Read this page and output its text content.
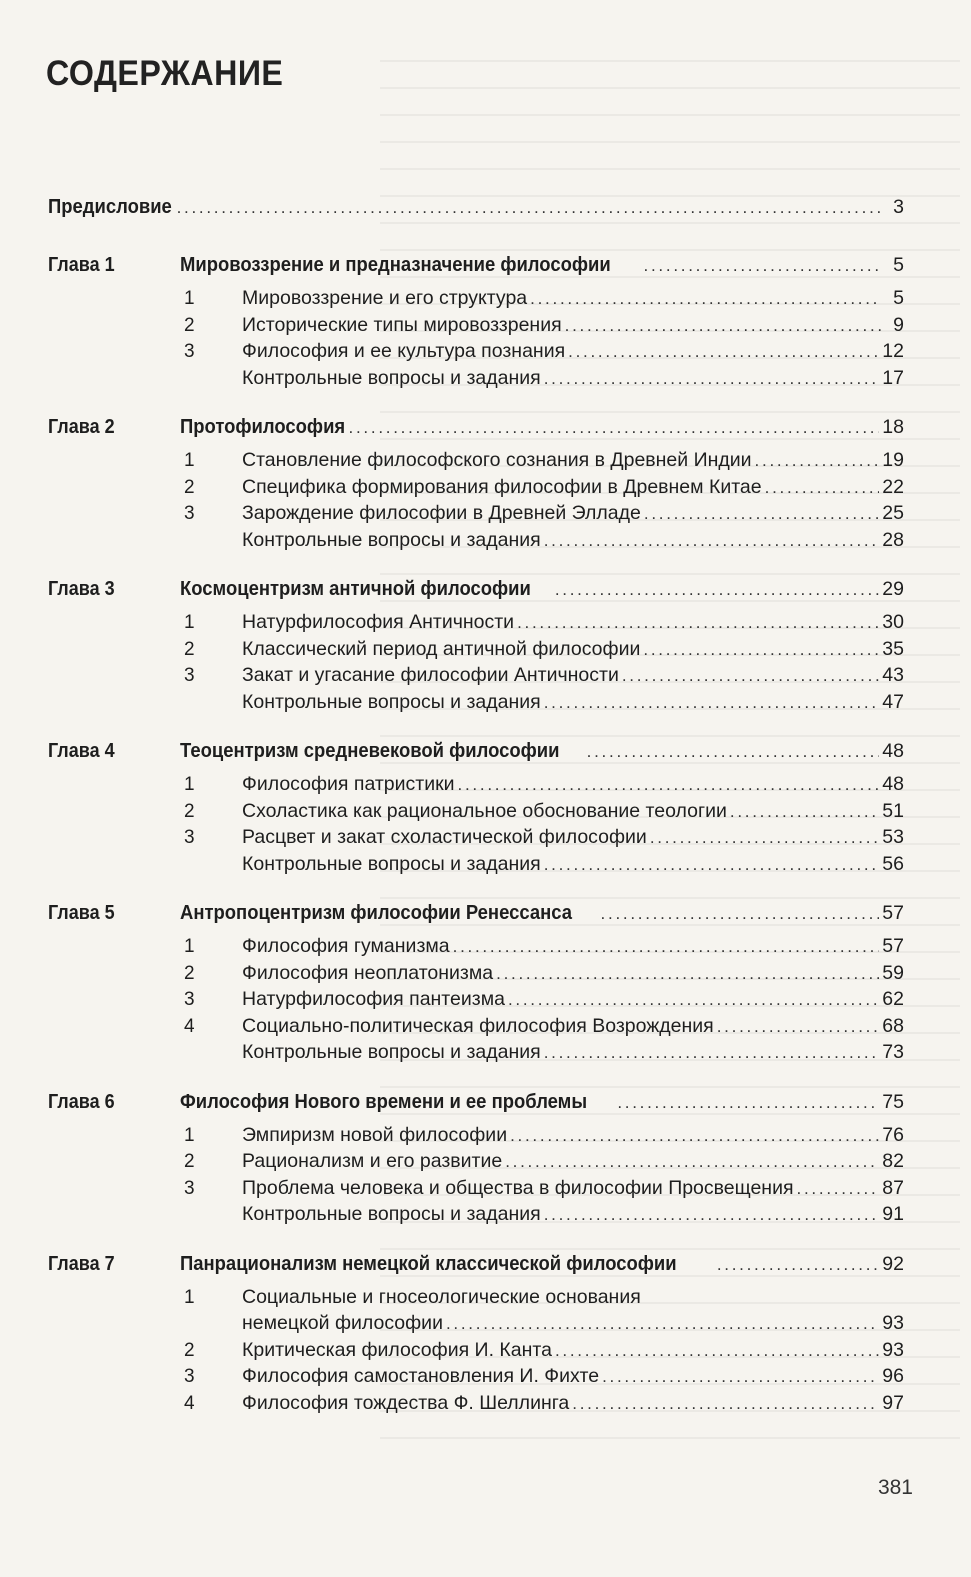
СОДЕРЖАНИЕ
Предисловие . . .	3
Глава 1	Мировоззрение и предназначение философии . . .	5
1	Мировоззрение и его структура . . .	5
2	Исторические типы мировоззрения . . .	9
3	Философия и ее культура познания . . .	12
Контрольные вопросы и задания . . .	17
Глава 2	Протофилософия . . .	18
1	Становление философского сознания в Древней Индии . . .	19
2	Специфика формирования философии в Древнем Китае . . .	22
3	Зарождение философии в Древней Элладе . . .	25
Контрольные вопросы и задания . . .	28
Глава 3	Космоцентризм античной философии . . .	29
1	Натурфилософия Античности . . .	30
2	Классический период античной философии . . .	35
3	Закат и угасание философии Античности . . .	43
Контрольные вопросы и задания . . .	47
Глава 4	Теоцентризм средневековой философии . . .	48
1	Философия патристики . . .	48
2	Схоластика как рациональное обоснование теологии . . .	51
3	Расцвет и закат схоластической философии . . .	53
Контрольные вопросы и задания . . .	56
Глава 5	Антропоцентризм философии Ренессанса . . .	57
1	Философия гуманизма . . .	57
2	Философия неоплатонизма . . .	59
3	Натурфилософия пантеизма . . .	62
4	Социально-политическая философия Возрождения . . .	68
Контрольные вопросы и задания . . .	73
Глава 6	Философия Нового времени и ее проблемы . . .	75
1	Эмпиризм новой философии . . .	76
2	Рационализм и его развитие . . .	82
3	Проблема человека и общества в философии Просвещения . . .	87
Контрольные вопросы и задания . . .	91
Глава 7	Панрационализм немецкой классической философии . . .	92
1	Социальные и гносеологические основания
немецкой философии . . .	93
2	Критическая философия И. Канта . . .	93
3	Философия самостановления И. Фихте . . .	96
4	Философия тождества Ф. Шеллинга . . .	97
381
